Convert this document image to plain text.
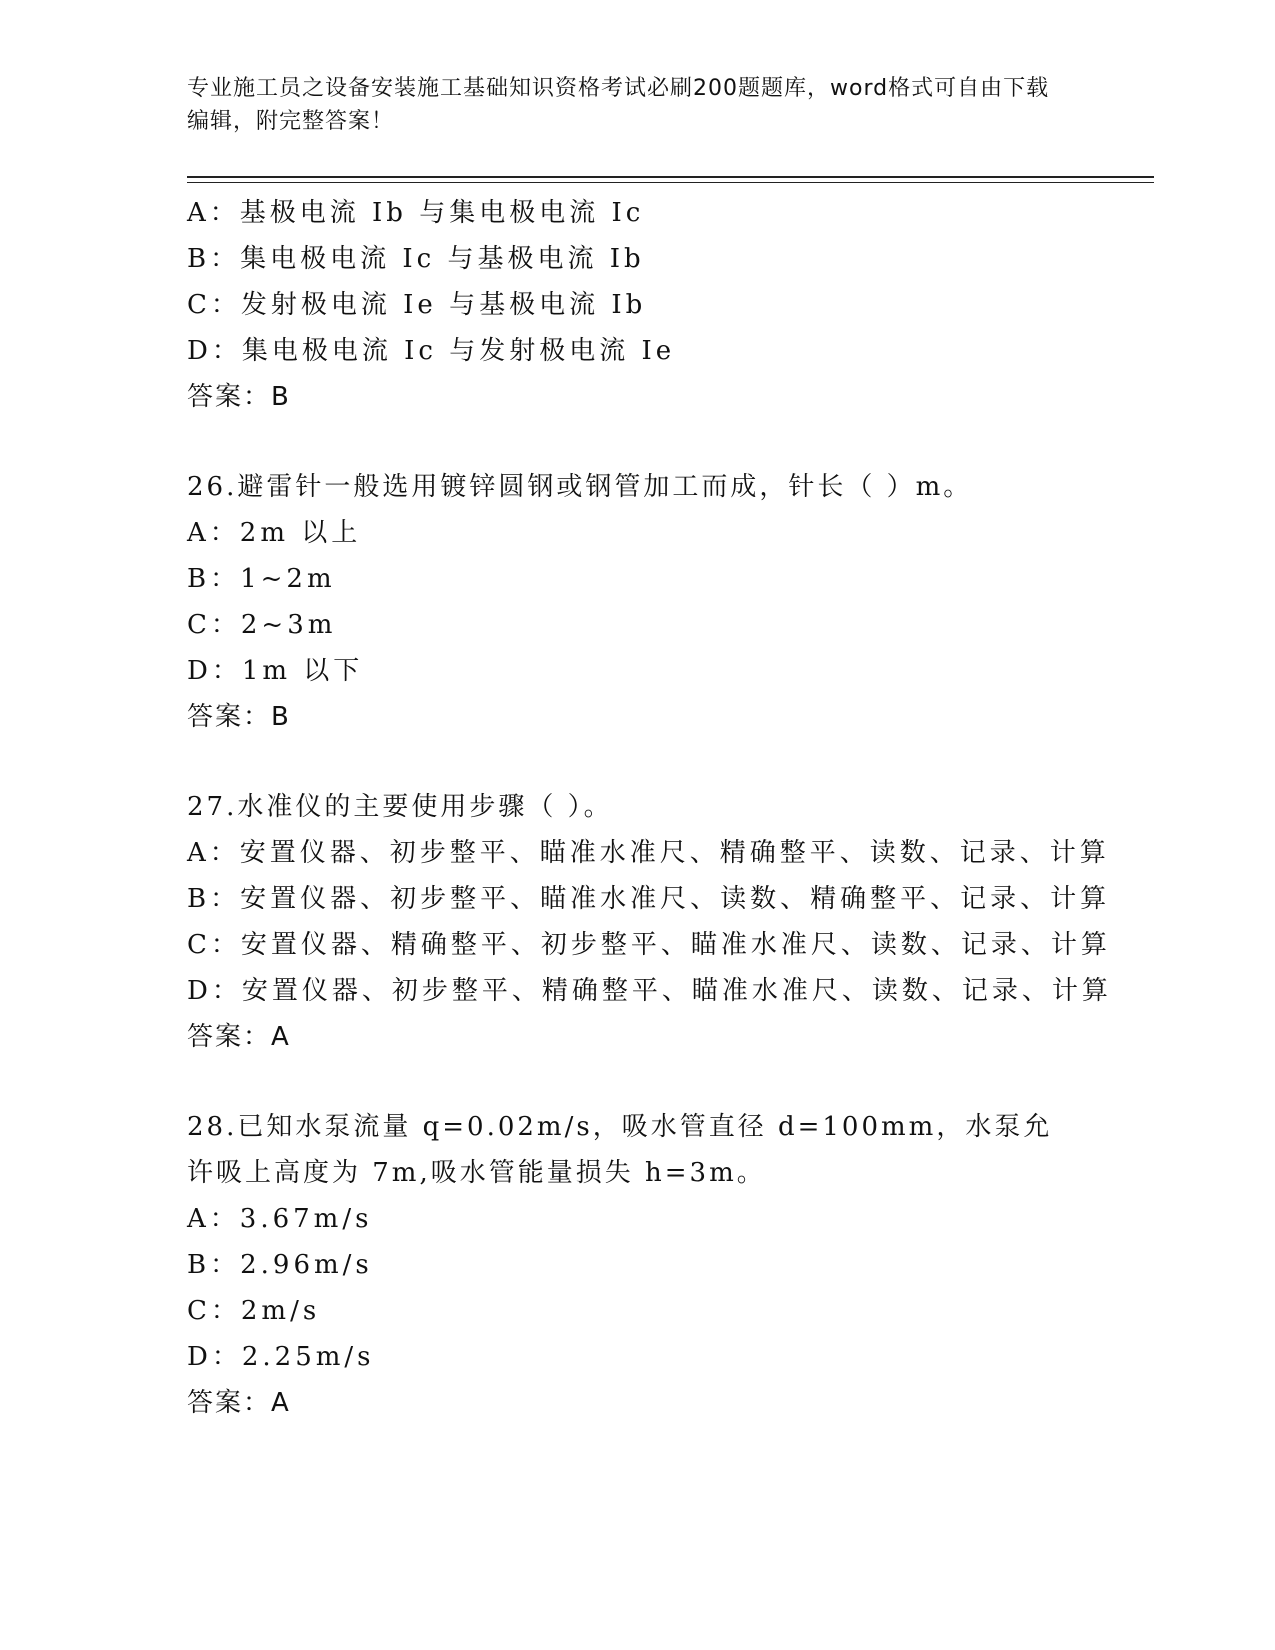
专业施工员之设备安装施工基础知识资格考试必刷200题题库，word格式可自由下载编辑，附完整答案！
A：基极电流 Ib 与集电极电流 Ic
B：集电极电流 Ic 与基极电流 Ib
C：发射极电流 Ie 与基极电流 Ib
D：集电极电流 Ic 与发射极电流 Ie
答案：B
26.避雷针一般选用镀锌圆钢或钢管加工而成，针长（ ）m。
A：2m 以上
B：1~2m
C：2~3m
D：1m 以下
答案：B
27.水准仪的主要使用步骤（ ）。
A：安置仪器、初步整平、瞄准水准尺、精确整平、读数、记录、计算
B：安置仪器、初步整平、瞄准水准尺、读数、精确整平、记录、计算
C：安置仪器、精确整平、初步整平、瞄准水准尺、读数、记录、计算
D：安置仪器、初步整平、精确整平、瞄准水准尺、读数、记录、计算
答案：A
28.已知水泵流量 q=0.02m/s，吸水管直径 d=100mm，水泵允许吸上高度为 7m,吸水管能量损失 h=3m。
A：3.67m/s
B：2.96m/s
C：2m/s
D：2.25m/s
答案：A
